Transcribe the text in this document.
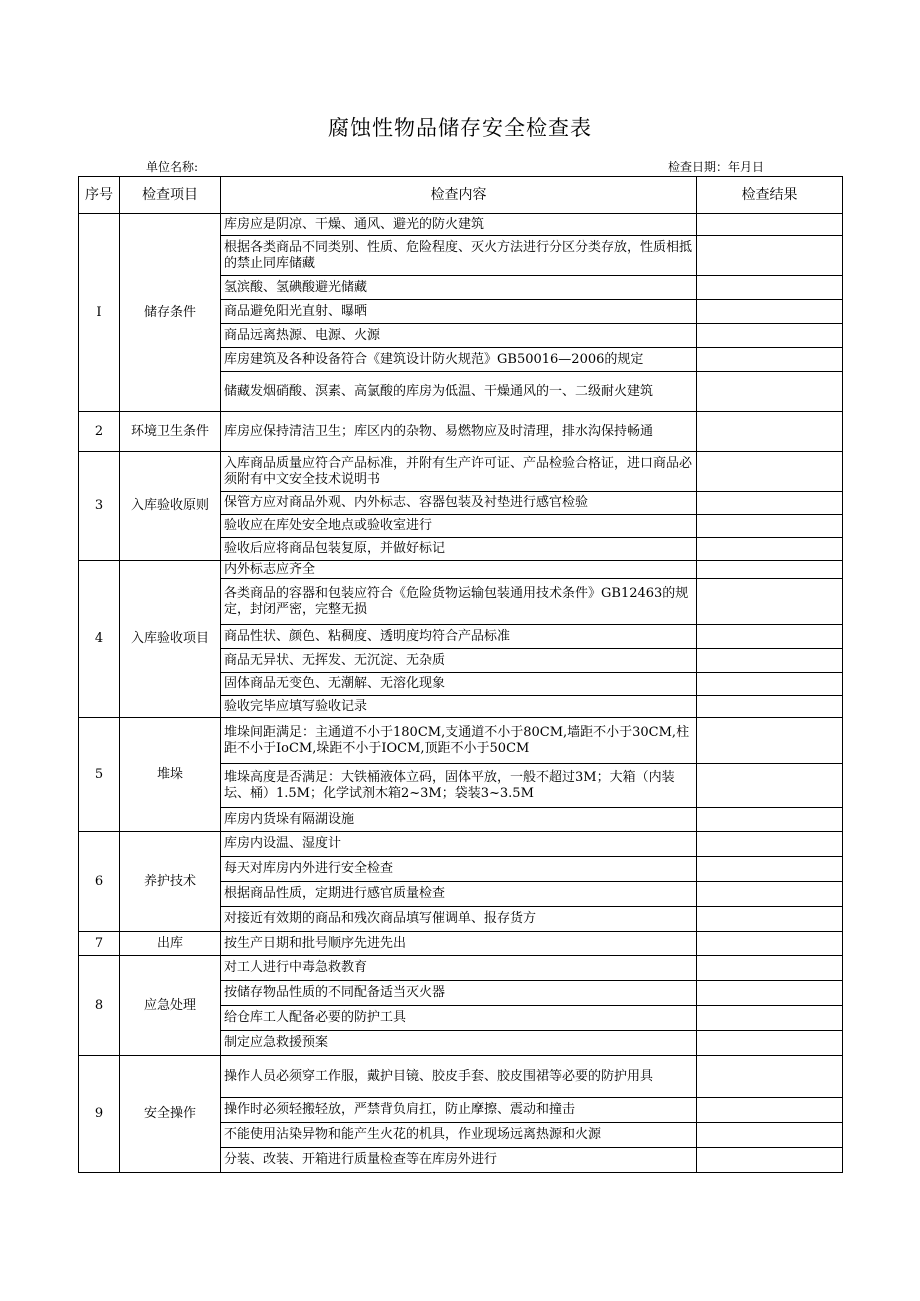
腐蚀性物品储存安全检查表
单位名称:	检查日期：年月日
序号	检查项目	检查内容	检查结果
I	储存条件	库房应是阴凉、干燥、通风、避光的防火建筑	
		根据各类商品不同类别、性质、危险程度、灭火方法进行分区分类存放，性质相抵的禁止同库储藏	
		氢滨酸、氢碘酸避光储藏	
		商品避免阳光直射、曝晒	
		商品远离热源、电源、火源	
		库房建筑及各种设备符合《建筑设计防火规范》GB50016—2006的规定	
		储藏发烟硝酸、溟素、高氯酸的库房为低温、干燥通风的一、二级耐火建筑	
2	环境卫生条件	库房应保持清洁卫生；库区内的杂物、易燃物应及时清理，排水沟保持畅通	
3	入库验收原则	入库商品质量应符合产品标准，并附有生产许可证、产品检验合格证，进口商品必须附有中文安全技术说明书	
		保管方应对商品外观、内外标志、容器包装及衬垫进行感官检验	
		验收应在库处安全地点或验收室进行	
		验收后应将商品包装复原，并做好标记	
4	入库验收项目	内外标志应齐全	
		各类商品的容器和包装应符合《危险货物运输包装通用技术条件》GB12463的规定，封闭严密，完整无损	
		商品性状、颜色、粘稠度、透明度均符合产品标准	
		商品无异状、无挥发、无沉淀、无杂质	
		固体商品无变色、无潮解、无溶化现象	
		验收完毕应填写验收记录	
5	堆垛	堆垛间距满足：主通道不小于180CM,支通道不小于80CM,墙距不小于30CM,柱距不小于IoCM,垛距不小于IOCM,顶距不小于50CM	
		堆垛高度是否满足：大铁桶液体立码，固体平放，一般不超过3M；大箱（内装坛、桶）1.5M；化学试剂木箱2~3M；袋装3~3.5M	
		库房内货垛有隔湖设施	
6	养护技术	库房内设温、湿度计	
		每天对库房内外进行安全检查	
		根据商品性质，定期进行感官质量检查	
		对接近有效期的商品和残次商品填写催调单、报存货方	
7	出库	按生产日期和批号顺序先进先出	
8	应急处理	对工人进行中毒急救教育	
		按储存物品性质的不同配备适当灭火器	
		给仓库工人配备必要的防护工具	
		制定应急救援预案	
9	安全操作	操作人员必须穿工作服，戴护目镜、胶皮手套、胶皮围裙等必要的防护用具	
		操作时必须轻搬轻放，严禁背负肩扛，防止摩擦、震动和撞击	
		不能使用沾染异物和能产生火花的机具，作业现场远离热源和火源	
		分装、改装、开箱进行质量检查等在库房外进行	
